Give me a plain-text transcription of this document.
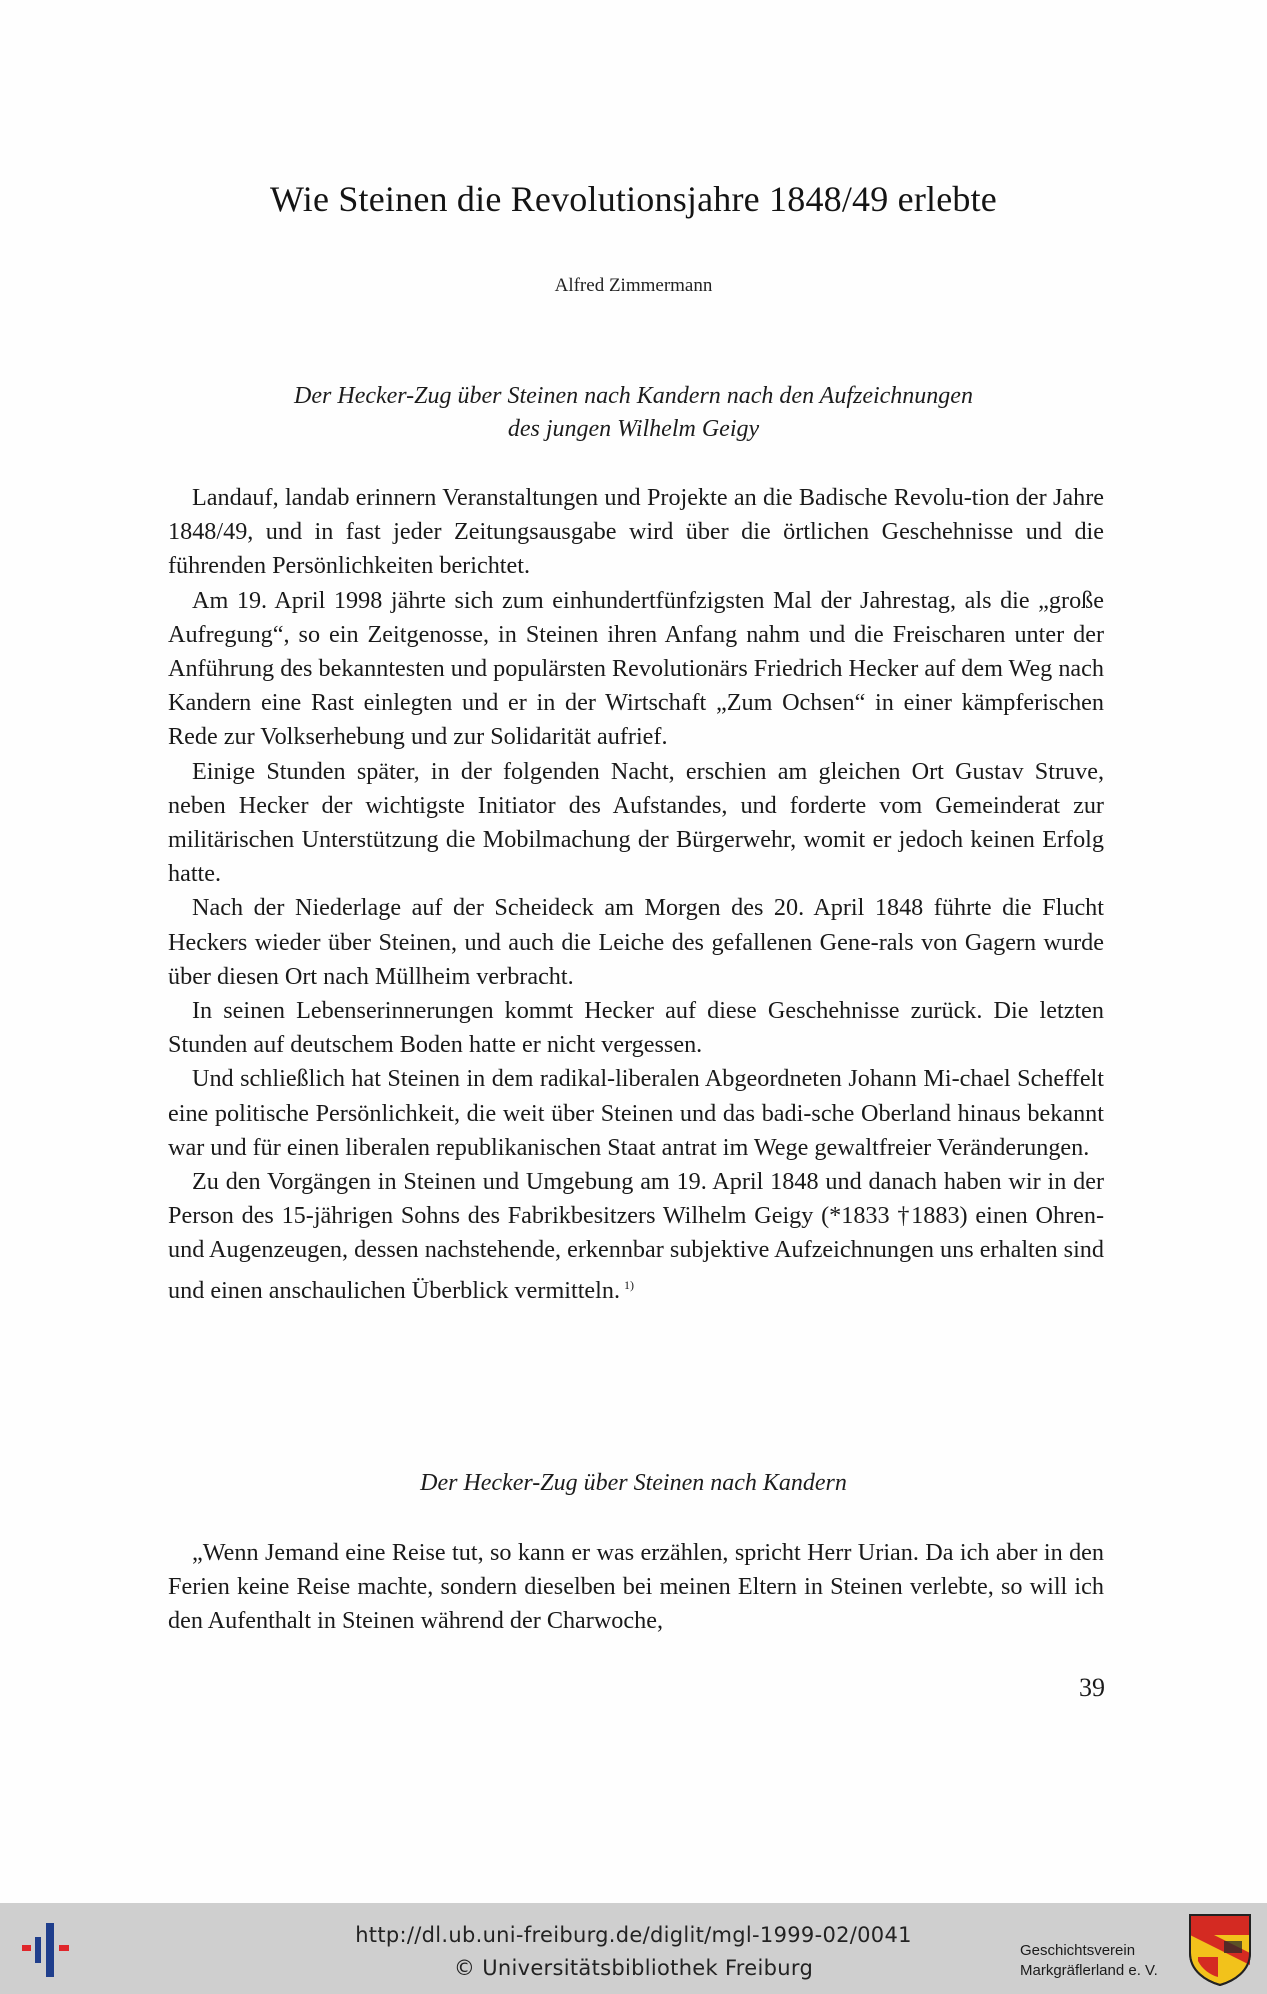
Wie Steinen die Revolutionsjahre 1848/49 erlebte
Alfred Zimmermann
Der Hecker-Zug über Steinen nach Kandern nach den Aufzeichnungen
des jungen Wilhelm Geigy

Landauf, landab erinnern Veranstaltungen und Projekte an die Badische Revolu-tion der Jahre 1848/49, und in fast jeder Zeitungsausgabe wird über die örtlichen Geschehnisse und die führenden Persönlichkeiten berichtet.

Am 19. April 1998 jährte sich zum einhundertfünfzigsten Mal der Jahrestag, als die „große Aufregung“, so ein Zeitgenosse, in Steinen ihren Anfang nahm und die Freischaren unter der Anführung des bekanntesten und populärsten Revolutionärs Friedrich Hecker auf dem Weg nach Kandern eine Rast einlegten und er in der Wirtschaft „Zum Ochsen“ in einer kämpferischen Rede zur Volkserhebung und zur Solidarität aufrief.

Einige Stunden später, in der folgenden Nacht, erschien am gleichen Ort Gustav Struve, neben Hecker der wichtigste Initiator des Aufstandes, und forderte vom Gemeinderat zur militärischen Unterstützung die Mobilmachung der Bürgerwehr, womit er jedoch keinen Erfolg hatte.

Nach der Niederlage auf der Scheideck am Morgen des 20. April 1848 führte die Flucht Heckers wieder über Steinen, und auch die Leiche des gefallenen Gene-rals von Gagern wurde über diesen Ort nach Müllheim verbracht.

In seinen Lebenserinnerungen kommt Hecker auf diese Geschehnisse zurück. Die letzten Stunden auf deutschem Boden hatte er nicht vergessen.

Und schließlich hat Steinen in dem radikal-liberalen Abgeordneten Johann Mi-chael Scheffelt eine politische Persönlichkeit, die weit über Steinen und das badi-sche Oberland hinaus bekannt war und für einen liberalen republikanischen Staat antrat im Wege gewaltfreier Veränderungen.

Zu den Vorgängen in Steinen und Umgebung am 19. April 1848 und danach haben wir in der Person des 15-jährigen Sohns des Fabrikbesitzers Wilhelm Geigy (*1833 †1883) einen Ohren- und Augenzeugen, dessen nachstehende, erkennbar subjektive Aufzeichnungen uns erhalten sind und einen anschaulichen Überblick vermitteln. $^{1)}$

Der Hecker-Zug über Steinen nach Kandern

„Wenn Jemand eine Reise tut, so kann er was erzählen, spricht Herr Urian. Da ich aber in den Ferien keine Reise machte, sondern dieselben bei meinen Eltern in Steinen verlebte, so will ich den Aufenthalt in Steinen während der Charwoche,

39
http://dl.ub.uni-freiburg.de/diglit/mgl-1999-02/0041
© Universitätsbibliothek Freiburg
Geschichtsverein
Markgräflerland e. V.
